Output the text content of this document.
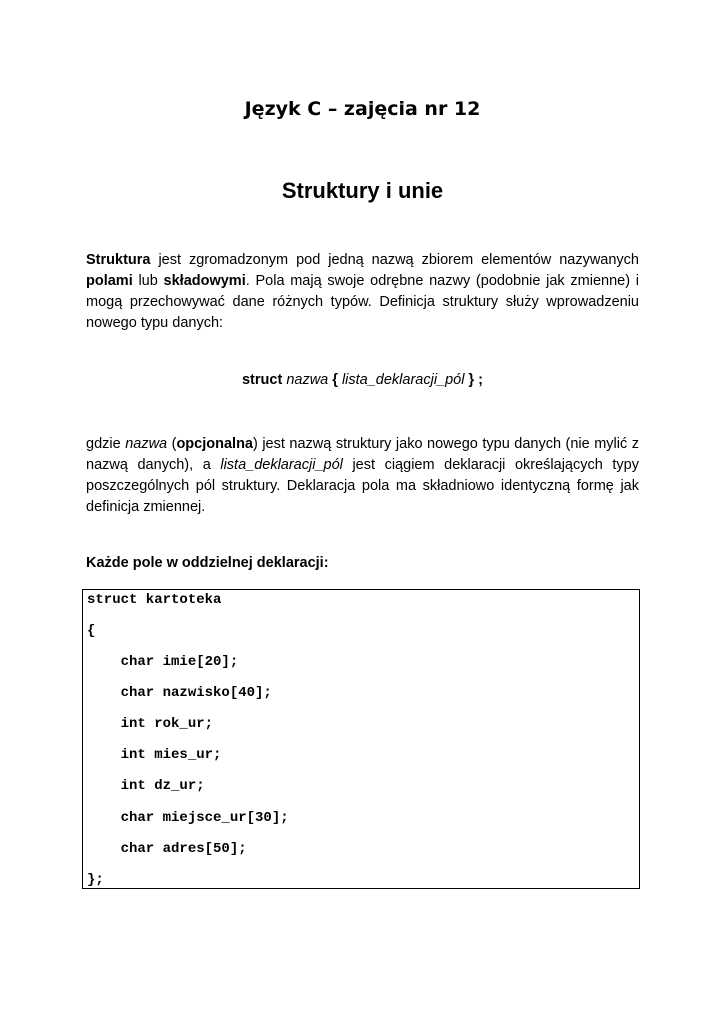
Język C – zajęcia nr 12
Struktury i unie
Struktura jest zgromadzonym pod jedną nazwą zbiorem elementów nazywanych polami lub składowymi. Pola mają swoje odrębne nazwy (podobnie jak zmienne) i mogą przechowywać dane różnych typów. Definicja struktury służy wprowadzeniu nowego typu danych:
struct nazwa { lista_deklaracji_pól } ;
gdzie nazwa (opcjonalna) jest nazwą struktury jako nowego typu danych (nie mylić z nazwą danych), a lista_deklaracji_pól jest ciągiem deklaracji określających typy poszczególnych pól struktury. Deklaracja pola ma składniowo identyczną formę jak definicja zmiennej.
Każde pole w oddzielnej deklaracji:
struct kartoteka
{
char imie[20];
char nazwisko[40];
int rok_ur;
int mies_ur;
int dz_ur;
char miejsce_ur[30];
char adres[50];
};
